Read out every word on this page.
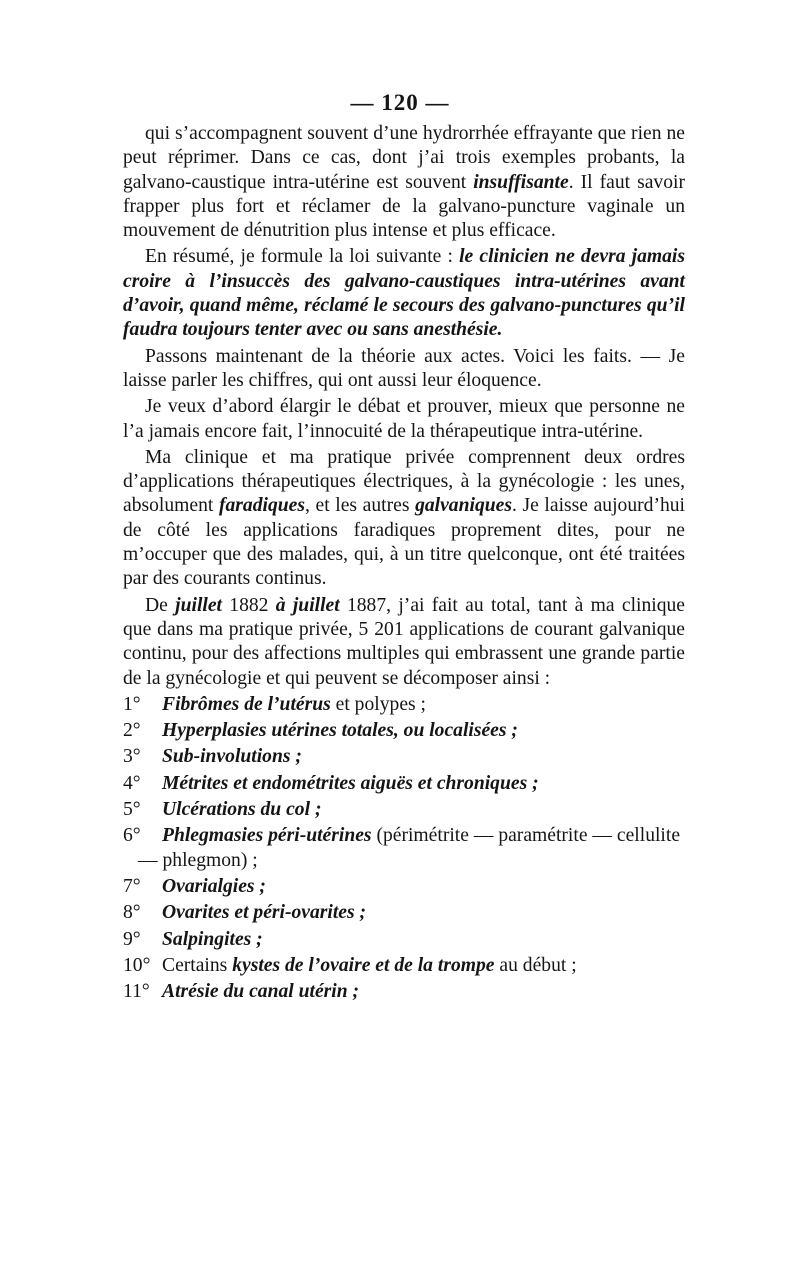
— 120 —

qui s’accompagnent souvent d’une hydrorrhée effrayante que rien ne peut réprimer. Dans ce cas, dont j’ai trois exemples probants, la galvano-caustique intra-utérine est souvent insuffisante. Il faut savoir frapper plus fort et réclamer de la galvano-puncture vaginale un mouvement de dénutrition plus intense et plus efficace.

En résumé, je formule la loi suivante : le clinicien ne devra jamais croire à l’insuccès des galvano-caustiques intra-utérines avant d’avoir, quand même, réclamé le secours des galvano-punctures qu’il faudra toujours tenter avec ou sans anesthésie.

Passons maintenant de la théorie aux actes. Voici les faits. — Je laisse parler les chiffres, qui ont aussi leur éloquence.

Je veux d’abord élargir le débat et prouver, mieux que personne ne l’a jamais encore fait, l’innocuité de la thérapeutique intra-utérine.

Ma clinique et ma pratique privée comprennent deux ordres d’applications thérapeutiques électriques, à la gynécologie : les unes, absolument faradiques, et les autres galvaniques. Je laisse aujourd’hui de côté les applications faradiques proprement dites, pour ne m’occuper que des malades, qui, à un titre quelconque, ont été traitées par des courants continus.

De juillet 1882 à juillet 1887, j’ai fait au total, tant à ma clinique que dans ma pratique privée, 5 201 applications de courant galvanique continu, pour des affections multiples qui embrassent une grande partie de la gynécologie et qui peuvent se décomposer ainsi :

1° Fibrômes de l’utérus et polypes ;
2° Hyperplasies utérines totales, ou localisées ;
3° Sub-involutions ;
4° Métrites et endométrites aiguës et chroniques ;
5° Ulcérations du col ;
6° Phlegmasies péri-utérines (périmétrite — paramétrite — cellulite — phlegmon) ;
7° Ovarialgies ;
8° Ovarites et péri-ovarites ;
9° Salpingites ;
10° Certains kystes de l’ovaire et de la trompe au début ;
11° Atrésie du canal utérin ;
